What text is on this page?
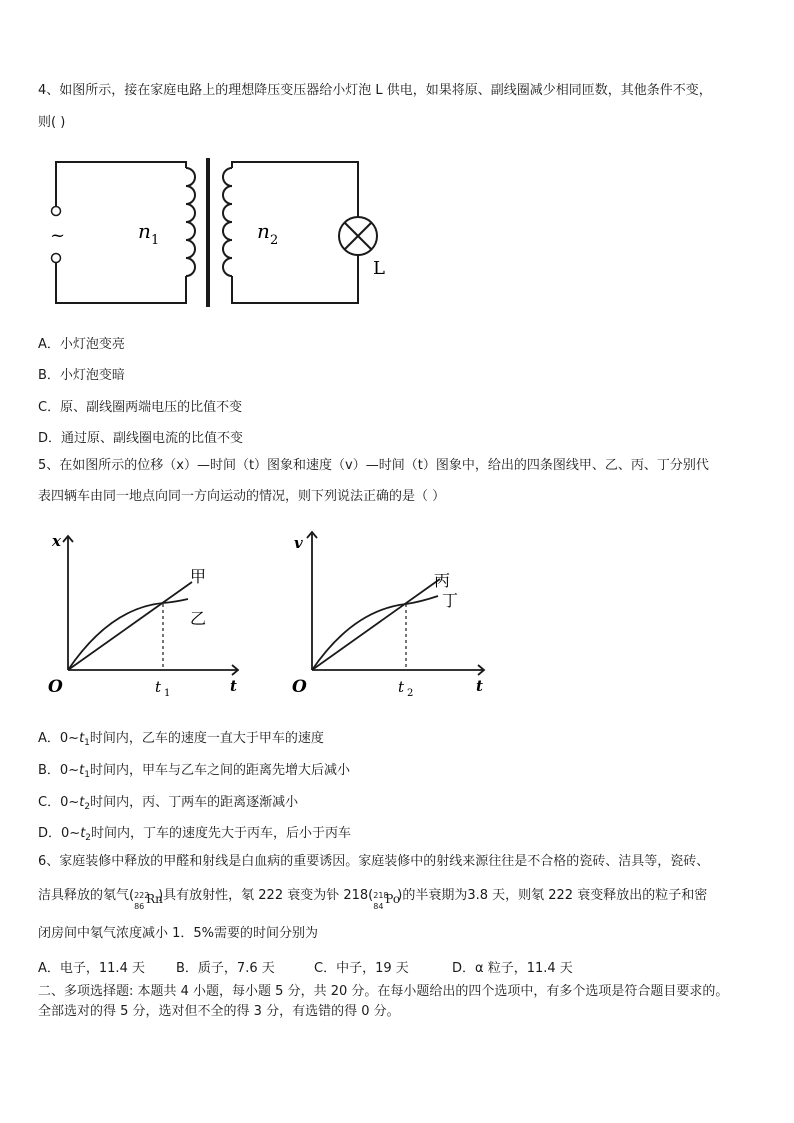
4、如图所示，接在家庭电路上的理想降压变压器给小灯泡 L 供电，如果将原、副线圈减少相同匝数，其他条件不变，
则( )
~	n 1	n 2
L
A．小灯泡变亮
B．小灯泡变暗
C．原、副线圈两端电压的比值不变
D．通过原、副线圈电流的比值不变
5、在如图所示的位移（x）—时间（t）图象和速度（v）—时间（t）图象中，给出的四条图线甲、乙、丙、丁分别代
表四辆车由同一地点向同一方向运动的情况，则下列说法正确的是（ ）
x
t
O	t 1
甲
乙
v
t
O	t 2
丙
丁
A．$0\sim t_1$时间内，乙车的速度一直大于甲车的速度
B．$0\sim t_1$时间内，甲车与乙车之间的距离先增大后减小
C．$0\sim t_2$时间内，丙、丁两车的距离逐渐减小
D．$0\sim t_2$时间内，丁车的速度先大于丙车，后小于丙车
6、家庭装修中释放的甲醛和射线是白血病的重要诱因。家庭装修中的射线来源往往是不合格的瓷砖、洁具等，瓷砖、
洁具释放的氡气( 222
86
Rn
)具有放射性，氡 222 衰变为钋 218( 218
84
Po
)的半衰期为3.8 天，则氡 222 衰变释放出的粒子和密
闭房间中氡气浓度减小 1．5%需要的时间分别为
A．电子，11.4 天 B．质子，7.6 天	C．中子，19 天	D．α 粒子，11.4 天
二、多项选择题: 本题共 4 小题，每小题 5 分，共 20 分。在每小题给出的四个选项中，有多个选项是符合题目要求的。
全部选对的得 5 分，选对但不全的得 3 分，有选错的得 0 分。
